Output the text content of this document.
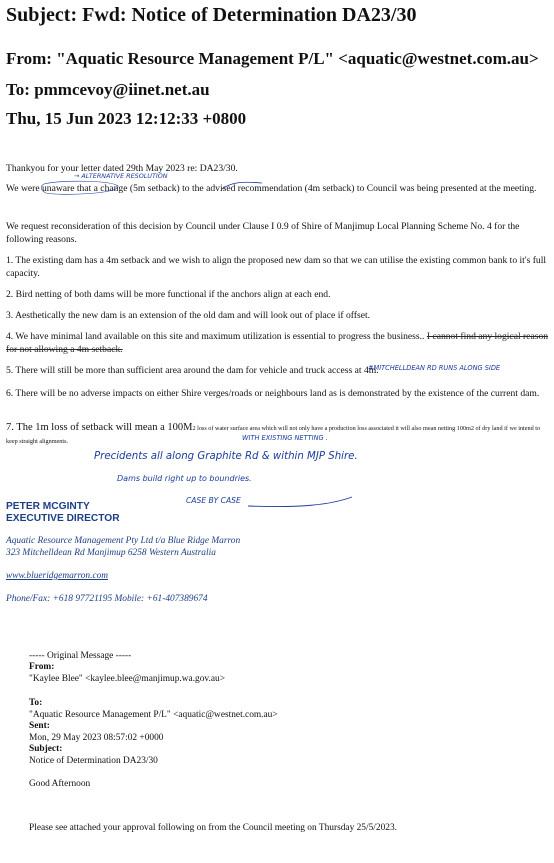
Subject: Fwd: Notice of Determination DA23/30
From: "Aquatic Resource Management P/L" <aquatic@westnet.com.au>
To: pmmcevoy@iinet.net.au
Thu, 15 Jun 2023 12:12:33 +0800
Thankyou for your letter dated 29th May 2023 re: DA23/30.
→ ALTERNATIVE RESOLUTION
We were unaware that a change (5m setback) to the advised recommendation (4m setback) to Council was being presented at the meeting.
We request reconsideration of this decision by Council under Clause I 0.9 of Shire of Manjimup Local Planning Scheme No. 4 for the following reasons.
1. The existing dam has a 4m setback and we wish to align the proposed new dam so that we can utilise the existing common bank to it's full capacity.
2. Bird netting of both dams will be more functional if the anchors align at each end.
3. Aesthetically the new dam is an extension of the old dam and will look out of place if offset.
4. We have minimal land available on this site and maximum utilization is essential to progress the business.. I cannot find any logical reason for not allowing a 4m setback.
5. There will still be more than sufficient area around the dam for vehicle and truck access at 4m.
#MITCHELLDEAN RD RUNS ALONG SIDE
6. There will be no adverse impacts on either Shire verges/roads or neighbours land as is demonstrated by the existence of the current dam.
7. The 1m loss of setback will mean a 100M2 loss of water surface area which will not only have a production loss associated it will also mean netting 100m2 of dry land if we intend to keep straight alignments.	WITH EXISTING NETTING .
Precidents all along Graphite Rd & within MJP Shire.
Dams build right up to boundries.
CASE BY CASE
PETER MCGINTY
EXECUTIVE DIRECTOR
Aquatic Resource Management Pty Ltd t/a Blue Ridge Marron
323 Mitchelldean Rd Manjimup 6258 Western Australia
www.blueridgemarron.com
Phone/Fax: +618 97721195 Mobile: +61-407389674
----- Original Message -----
From:
"Kaylee Blee" <kaylee.blee@manjimup.wa.gov.au>
To:
"Aquatic Resource Management P/L" <aquatic@westnet.com.au>
Sent:
Mon, 29 May 2023 08:57:02 +0000
Subject:
Notice of Determination DA23/30
Good Afternoon
Please see attached your approval following on from the Council meeting on Thursday 25/5/2023.
